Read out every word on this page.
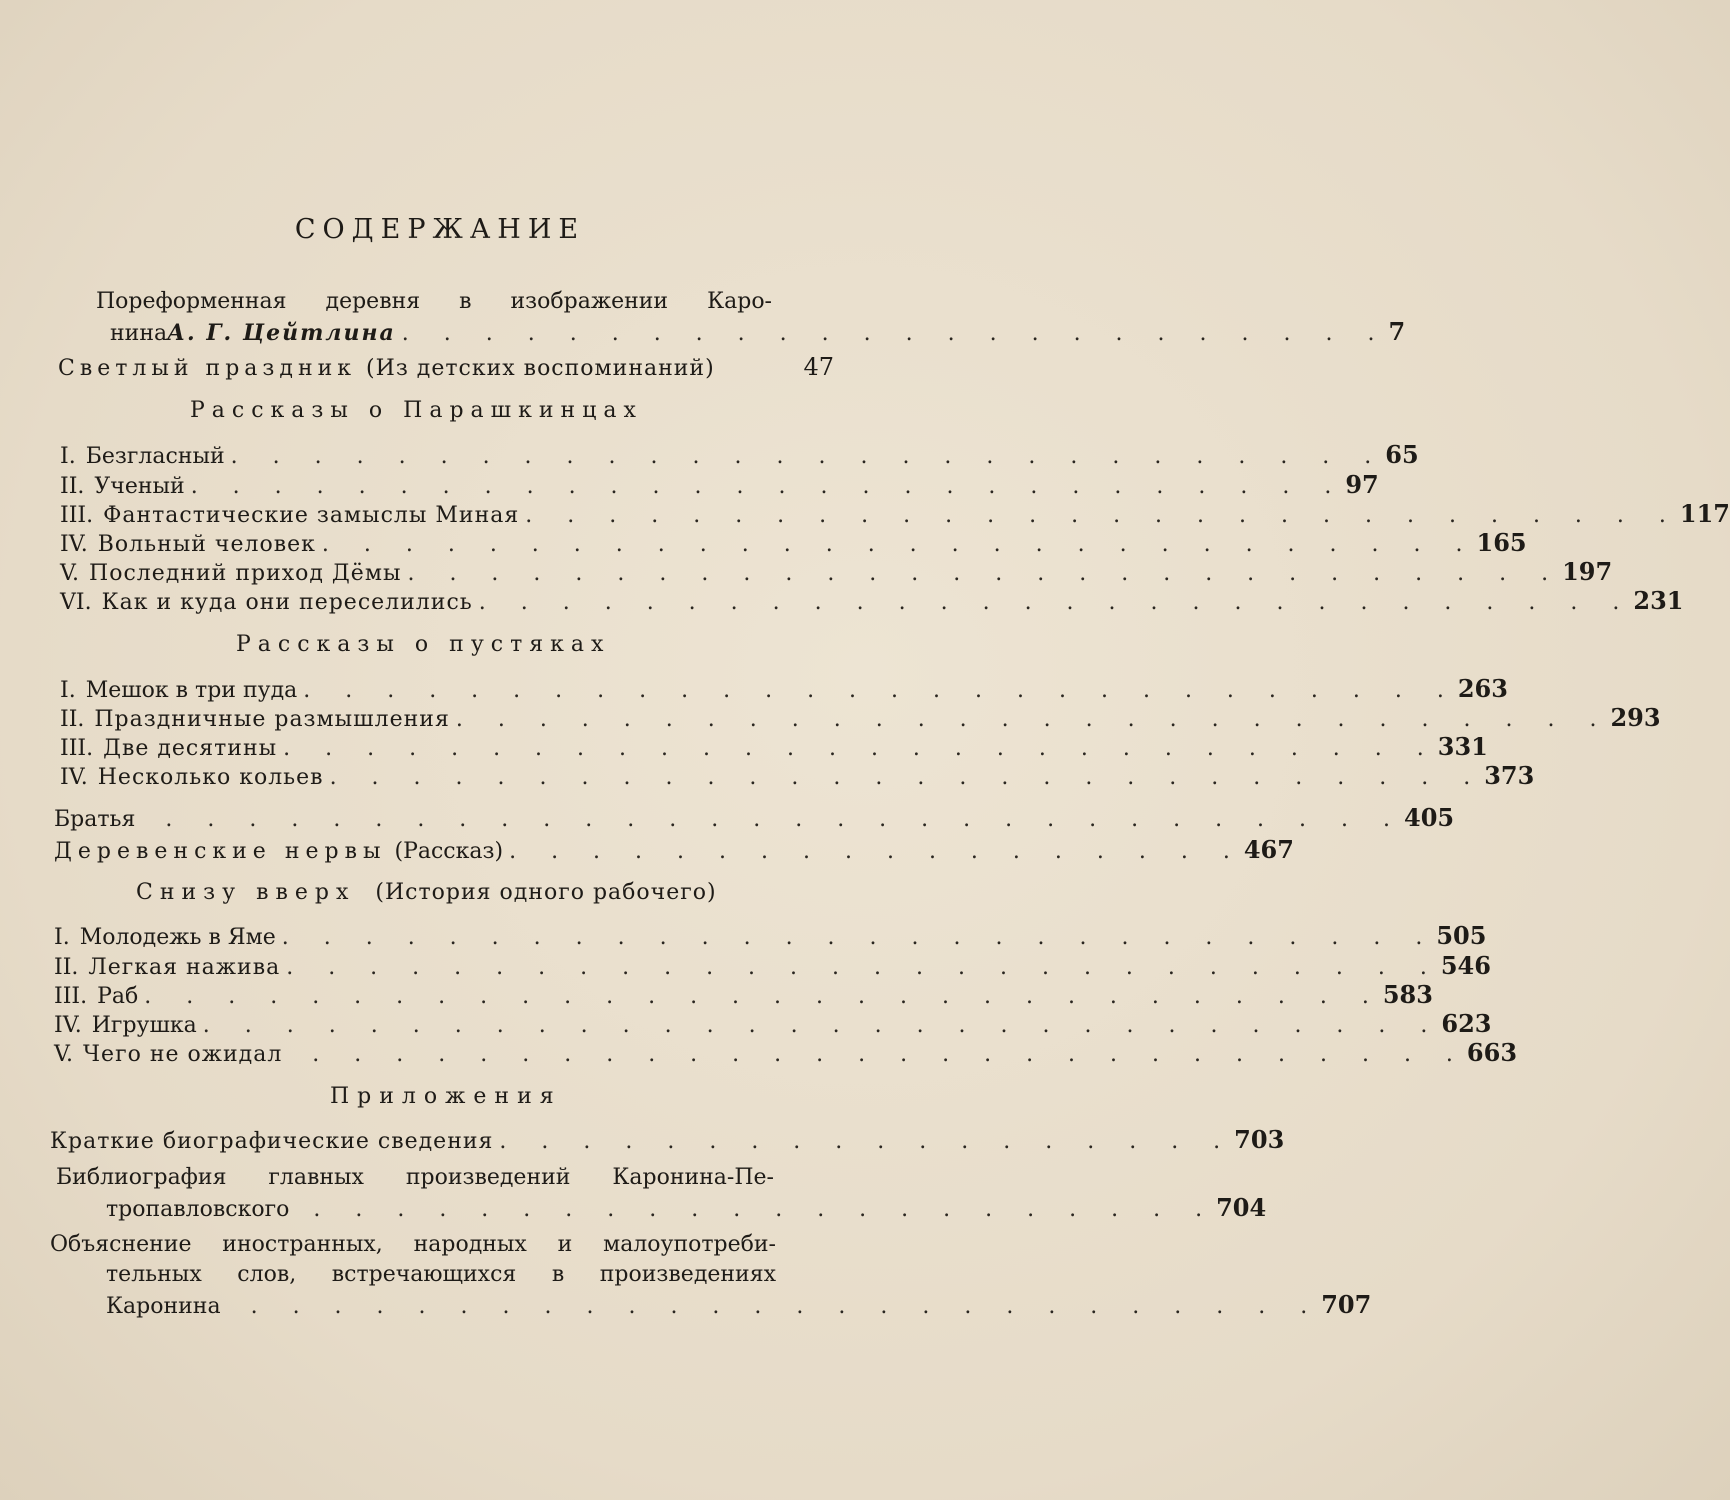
СОДЕРЖАНИЕ
Пореформенная деревня в изображении Каро-
нина А. Г. Цейтлина . . . . . . . . . . . . . . . . . . . . . . . . 7
Светлый праздник (Из детских воспоминаний)	47
Рассказы о Парашкинцах
I. Безгласный . . . . . . . . . . . . . . . . . . . . . . . . . . . . 65
II. Ученый . . . . . . . . . . . . . . . . . . . . . . . . . . . . 97
III. Фантастические замыслы Миная . . . . . . . . . . . . . . . . . . . . . . . . . . . . 117
IV. Вольный человек . . . . . . . . . . . . . . . . . . . . . . . . . . . . 165
V. Последний приход Дёмы . . . . . . . . . . . . . . . . . . . . . . . . . . . . 197
VI. Как и куда они переселились . . . . . . . . . . . . . . . . . . . . . . . . . . . . 231
Рассказы о пустяках
I. Мешок в три пуда . . . . . . . . . . . . . . . . . . . . . . . . . . . . 263
II. Праздничные размышления . . . . . . . . . . . . . . . . . . . . . . . . . . . . 293
III. Две десятины . . . . . . . . . . . . . . . . . . . . . . . . . . . . 331
IV. Несколько кольев . . . . . . . . . . . . . . . . . . . . . . . . . . . . 373
Братья . . . . . . . . . . . . . . . . . . . . . . . . . . . . . . 405
Деревенские нервы (Рассказ) . . . . . . . . . . . . . . . . . . 467
Снизу вверх (История одного рабочего)
I. Молодежь в Яме . . . . . . . . . . . . . . . . . . . . . . . . . . . . 505
II. Легкая нажива . . . . . . . . . . . . . . . . . . . . . . . . . . . . 546
III. Раб . . . . . . . . . . . . . . . . . . . . . . . . . . . . . . 583
IV. Игрушка . . . . . . . . . . . . . . . . . . . . . . . . . . . . . . 623
V. Чего не ожидал . . . . . . . . . . . . . . . . . . . . . . . . . . . . 663
Приложения
Краткие биографические сведения . . . . . . . . . . . . . . . . . . 703
Библиография главных произведений Каронина-Пе-
тропавловского . . . . . . . . . . . . . . . . . . . . . . 704
Объяснение иностранных, народных и малоупотреби-
тельных слов, встречающихся в произведениях
Каронина . . . . . . . . . . . . . . . . . . . . . . . . . . 707
